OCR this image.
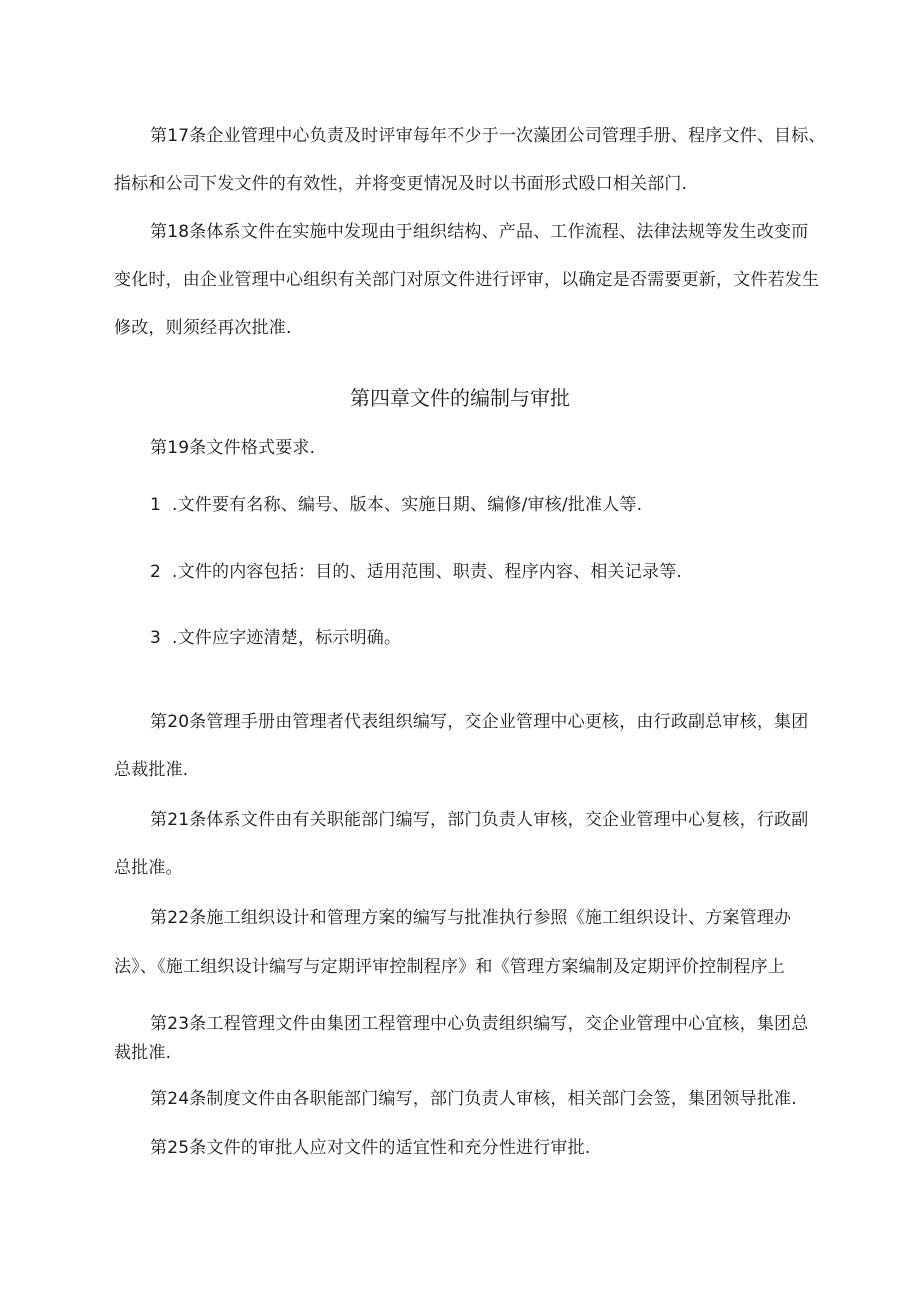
第17条企业管理中心负责及时评审每年不少于一次藻团公司管理手册、程序文件、目标、
指标和公司下发文件的有效性，并将变更情况及时以书面形式殴口相关部门.
第18条体系文件在实施中发现由于组织结构、产品、工作流程、法律法规等发生改变而
变化时，由企业管理中心组织有关部门对原文件进行评审，以确定是否需要更新，文件若发生
修改，则须经再次批准.
第四章文件的编制与审批
第19条文件格式要求.
1 .文件要有名称、编号、版本、实施日期、编修/审核/批准人等.
2 .文件的内容包括：目的、适用范围、职责、程序内容、相关记录等.
3 .文件应字迹清楚，标示明确。
第20条管理手册由管理者代表组织编写，交企业管理中心更核，由行政副总审核，集团
总裁批准.
第21条体系文件由有关职能部门编写，部门负责人审核，交企业管理中心复核，行政副
总批准。
第22条施工组织设计和管理方案的编写与批准执行参照《施工组织设计、方案管理办
法》、《施工组织设计编写与定期评审控制程序》和《管理方案编制及定期评价控制程序上
第23条工程管理文件由集团工程管理中心负责组织编写，交企业管理中心宜核，集团总
裁批准.
第24条制度文件由各职能部门编写，部门负责人审核，相关部门会签，集团领导批准.
第25条文件的审批人应对文件的适宜性和充分性进行审批.
